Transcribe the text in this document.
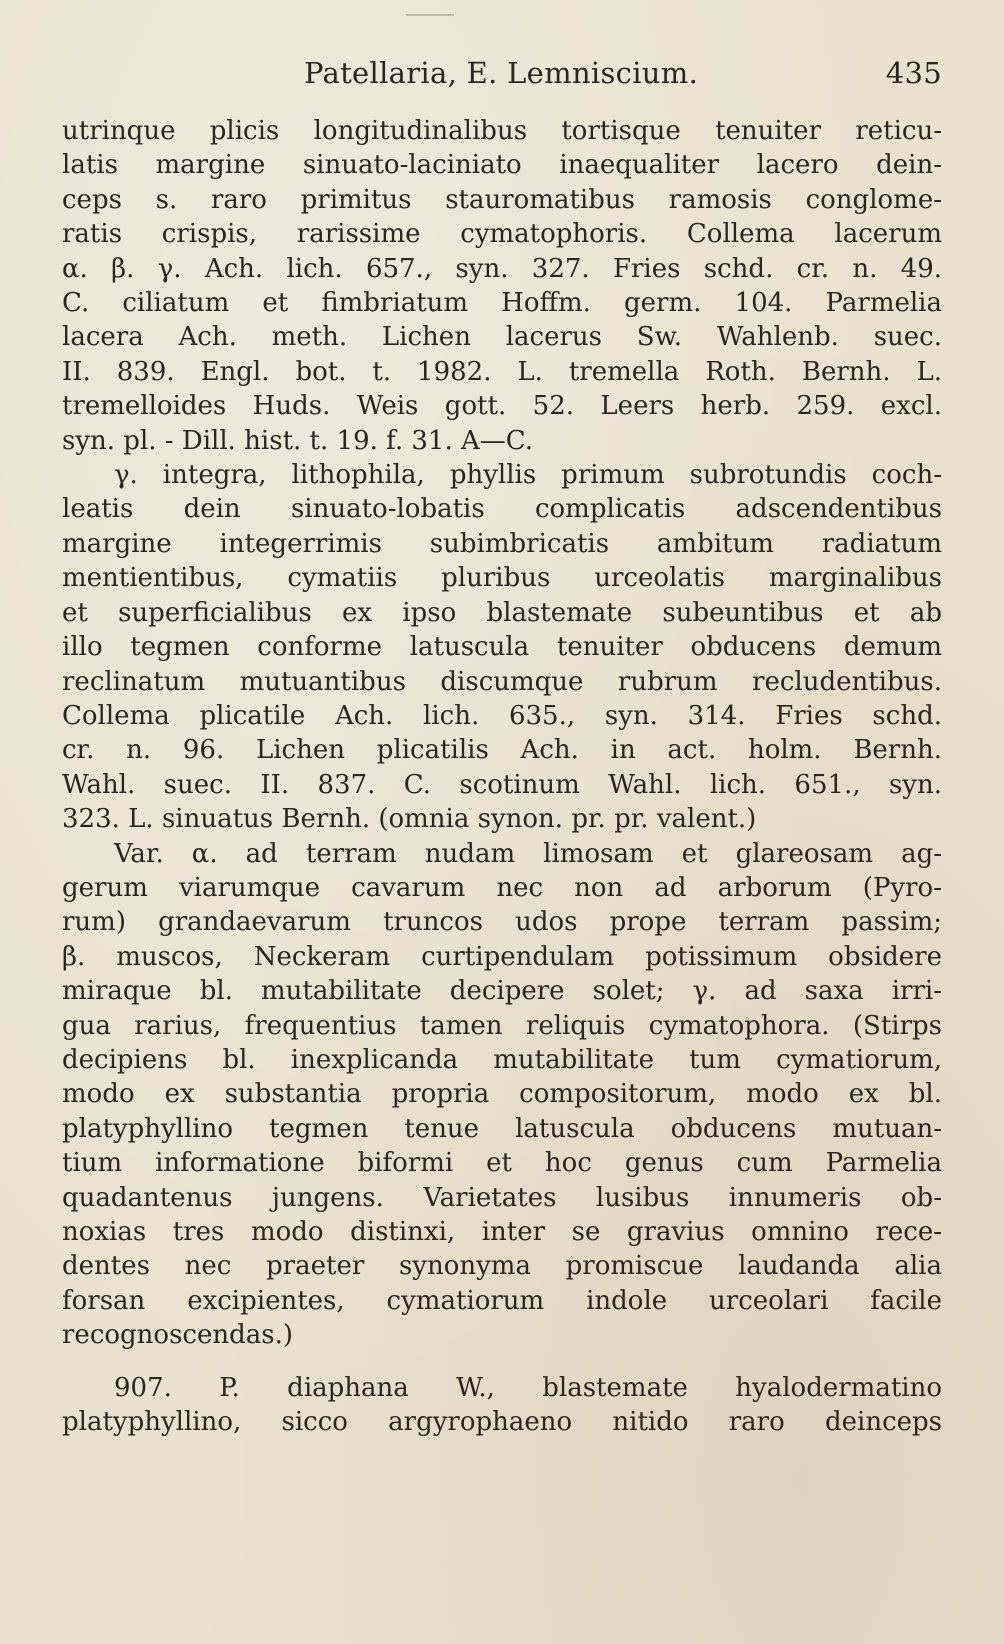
Patellaria, E. Lemniscium.	435
utrinque plicis longitudinalibus tortisque tenuiter reticu-
latis margine sinuato-laciniato inaequaliter lacero dein-
ceps s. raro primitus stauromatibus ramosis conglome-
ratis crispis, rarissime cymatophoris. Collema lacerum
α. β. γ. Ach. lich. 657., syn. 327. Fries schd. cr. n. 49.
C. ciliatum et fimbriatum Hoffm. germ. 104. Parmelia
lacera Ach. meth. Lichen lacerus Sw. Wahlenb. suec.
II. 839. Engl. bot. t. 1982. L. tremella Roth. Bernh. L.
tremelloides Huds. Weis gott. 52. Leers herb. 259. excl.
syn. pl. - Dill. hist. t. 19. f. 31. A—C.
γ. integra, lithophila, phyllis primum subrotundis coch-
leatis dein sinuato-lobatis complicatis adscendentibus
margine integerrimis subimbricatis ambitum radiatum
mentientibus, cymatiis pluribus urceolatis marginalibus
et superficialibus ex ipso blastemate subeuntibus et ab
illo tegmen conforme latuscula tenuiter obducens demum
reclinatum mutuantibus discumque rubrum recludentibus.
Collema plicatile Ach. lich. 635., syn. 314. Fries schd.
cr. n. 96. Lichen plicatilis Ach. in act. holm. Bernh.
Wahl. suec. II. 837. C. scotinum Wahl. lich. 651., syn.
323. L. sinuatus Bernh. (omnia synon. pr. pr. valent.)
Var. α. ad terram nudam limosam et glareosam ag-
gerum viarumque cavarum nec non ad arborum (Pyro-
rum) grandaevarum truncos udos prope terram passim;
β. muscos, Neckeram curtipendulam potissimum obsidere
miraque bl. mutabilitate decipere solet; γ. ad saxa irri-
gua rarius, frequentius tamen reliquis cymatophora. (Stirps
decipiens bl. inexplicanda mutabilitate tum cymatiorum,
modo ex substantia propria compositorum, modo ex bl.
platyphyllino tegmen tenue latuscula obducens mutuan-
tium informatione biformi et hoc genus cum Parmelia
quadantenus jungens. Varietates lusibus innumeris ob-
noxias tres modo distinxi, inter se gravius omnino rece-
dentes nec praeter synonyma promiscue laudanda alia
forsan excipientes, cymatiorum indole urceolari facile
recognoscendas.)
907. P. diaphana W., blastemate hyalodermatino
platyphyllino, sicco argyrophaeno nitido raro deinceps
